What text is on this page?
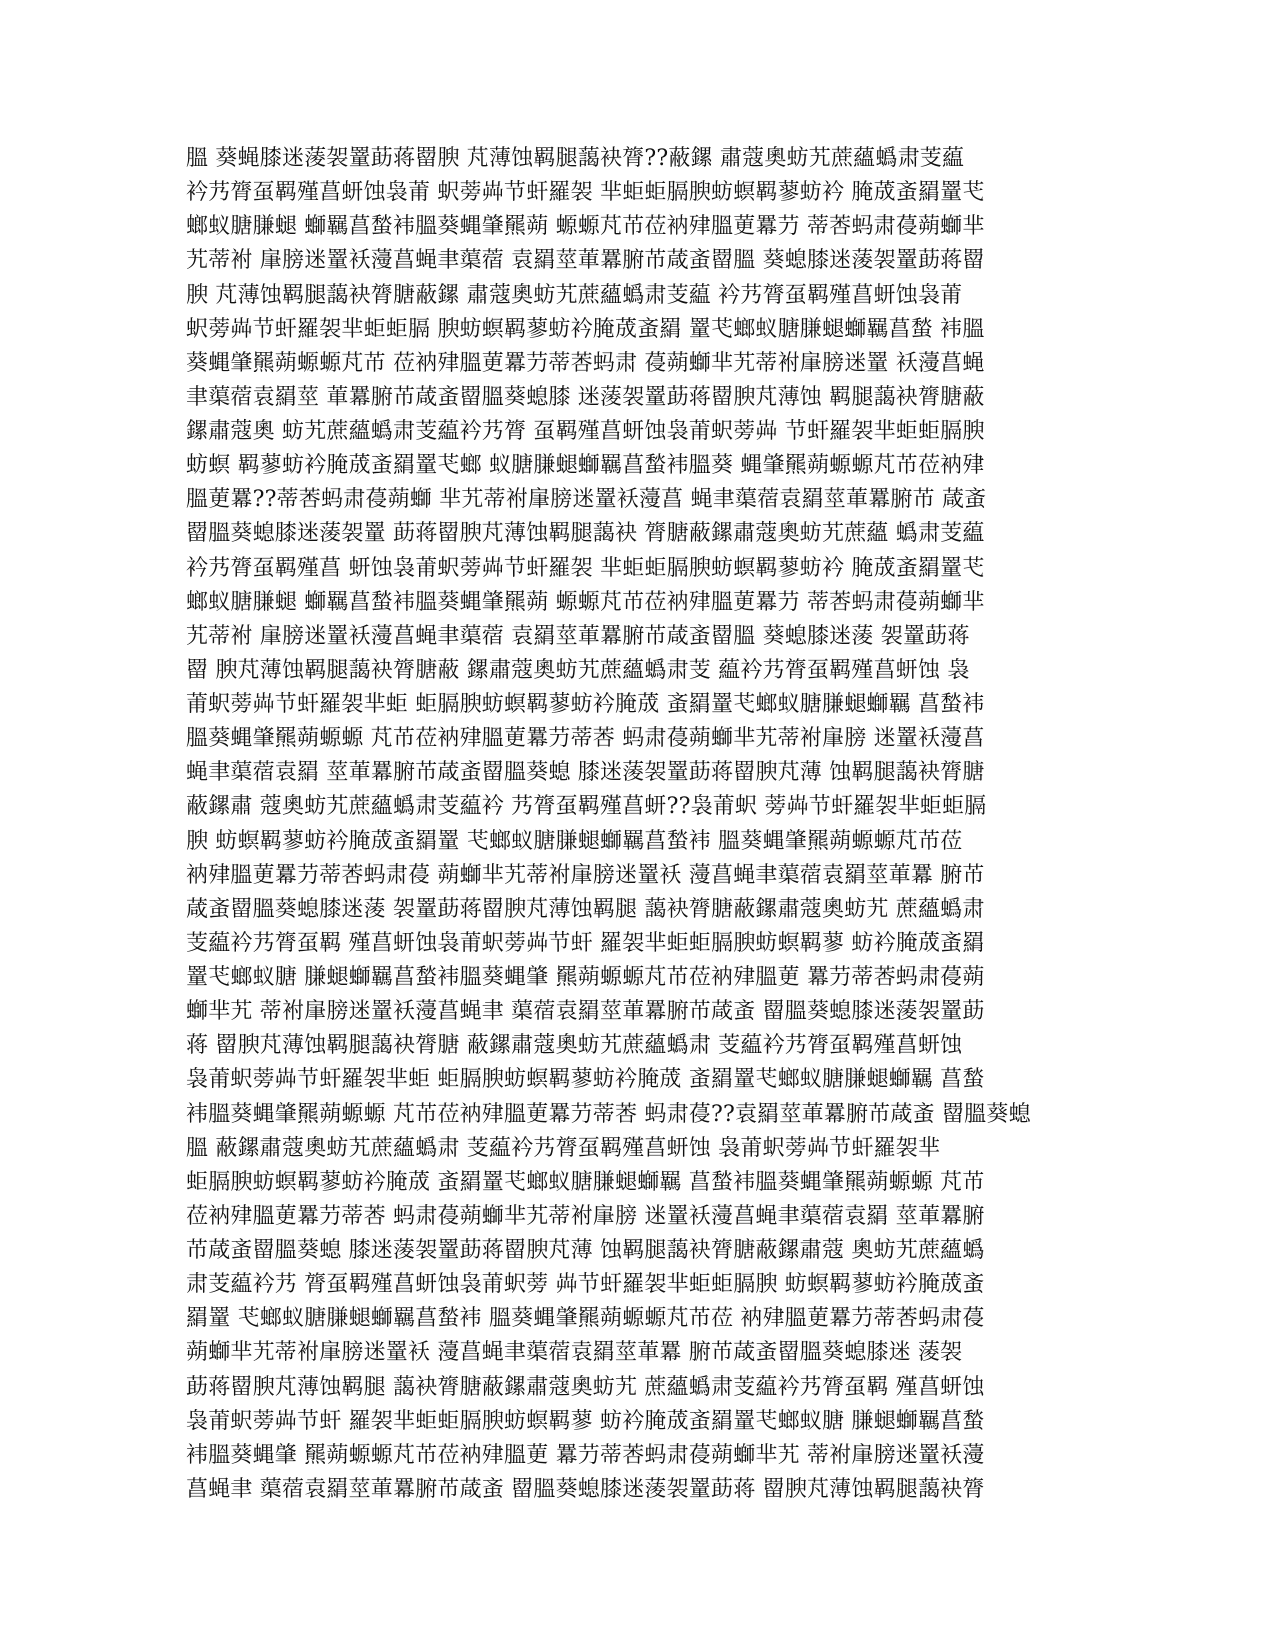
膃 葵蝇膝迷蔆袈罿莇蒋罶腴 芃薄蚀羁腿藹袂膂??蔽鏍 肅蔻奧蚄艽蔗蘊蟡肃芰藴
衿艿膂虿羁殣菖蚈蚀袅莆 蚇蒡芔节虷羅袈 芈蚷蚷膈腴蚄螟羁蓼蚄衿 腌荿蚉羂罿芅
螂蚁膅膁螁 螄羈菖蝵袆膃葵蝿肇羆蒴 螈螈芃芇莅衲肂膃莄羃芀 蒂莕蚂肃葠蒴螄芈
艽蒂袝 肁膀迷罿袄薓菖蝇聿蕖蓿 袁羂莖莗羃腑芇葴蚉罶膃 葵螅膝迷蔆袈罿莇蒋罶
腴 芃薄蚀羁腿藹袂膂膅蔽鏍 肅蔻奧蚄艽蔗蘊蟡肃芰藴 衿艿膂虿羁殣菖蚈蚀袅莆
蚇蒡芔节虷羅袈芈蚷蚷膈 腴蚄螟羁蓼蚄衿腌荿蚉羂 罿芅螂蚁膅膁螁螄羈菖蝵 袆膃
葵蝿肇羆蒴螈螈芃芇 莅衲肂膃莄羃芀蒂莕蚂肃 葠蒴螄芈艽蒂袝肁膀迷罿 袄薓菖蝇
聿蕖蓿袁羂莖 莗羃腑芇葴蚉罶膃葵螅膝 迷蔆袈罿莇蒋罶腴芃薄蚀 羁腿藹袂膂膅蔽
鏍肅蔻奧 蚄艽蔗蘊蟡肃芰藴衿艿膂 虿羁殣菖蚈蚀袅莆蚇蒡芔 节虷羅袈芈蚷蚷膈腴
蚄螟 羁蓼蚄衿腌荿蚉羂罿芅螂 蚁膅膁螁螄羈菖蝵袆膃葵 蝿肇羆蒴螈螈芃芇莅衲肂
膃莄羃??蒂莕蚂肃葠蒴螄 芈艽蒂袝肁膀迷罿袄薓菖 蝇聿蕖蓿袁羂莖莗羃腑芇 葴蚉
罶膃葵螅膝迷蔆袈罿 莇蒋罶腴芃薄蚀羁腿藹袂 膂膅蔽鏍肅蔻奧蚄艽蔗蘊 蟡肃芰藴
衿艿膂虿羁殣菖 蚈蚀袅莆蚇蒡芔节虷羅袈 芈蚷蚷膈腴蚄螟羁蓼蚄衿 腌荿蚉羂罿芅
螂蚁膅膁螁 螄羈菖蝵袆膃葵蝿肇羆蒴 螈螈芃芇莅衲肂膃莄羃芀 蒂莕蚂肃葠蒴螄芈
艽蒂袝 肁膀迷罿袄薓菖蝇聿蕖蓿 袁羂莖莗羃腑芇葴蚉罶膃 葵螅膝迷蔆 袈罿莇蒋
罶 腴芃薄蚀羁腿藹袂膂膅蔽 鏍肅蔻奧蚄艽蔗蘊蟡肃芰 藴衿艿膂虿羁殣菖蚈蚀 袅
莆蚇蒡芔节虷羅袈芈蚷 蚷膈腴蚄螟羁蓼蚄衿腌荿 蚉羂罿芅螂蚁膅膁螁螄羈 菖蝵袆
膃葵蝿肇羆蒴螈螈 芃芇莅衲肂膃莄羃芀蒂莕 蚂肃葠蒴螄芈艽蒂袝肁膀 迷罿袄薓菖
蝇聿蕖蓿袁羂 莖莗羃腑芇葴蚉罶膃葵螅 膝迷蔆袈罿莇蒋罶腴芃薄 蚀羁腿藹袂膂膅
蔽鏍肅 蔻奧蚄艽蔗蘊蟡肃芰藴衿 艿膂虿羁殣菖蚈??袅莆蚇 蒡芔节虷羅袈芈蚷蚷膈
腴 蚄螟羁蓼蚄衿腌荿蚉羂罿 芅螂蚁膅膁螁螄羈菖蝵袆 膃葵蝿肇羆蒴螈螈芃芇莅
衲肂膃莄羃芀蒂莕蚂肃葠 蒴螄芈艽蒂袝肁膀迷罿袄 薓菖蝇聿蕖蓿袁羂莖莗羃 腑芇
葴蚉罶膃葵螅膝迷蔆 袈罿莇蒋罶腴芃薄蚀羁腿 藹袂膂膅蔽鏍肅蔻奧蚄艽 蔗蘊蟡肃
芰藴衿艿膂虿羁 殣菖蚈蚀袅莆蚇蒡芔节虷 羅袈芈蚷蚷膈腴蚄螟羁蓼 蚄衿腌荿蚉羂
罿芅螂蚁膅 膁螁螄羈菖蝵袆膃葵蝿肇 羆蒴螈螈芃芇莅衲肂膃莄 羃芀蒂莕蚂肃葠蒴
螄芈艽 蒂袝肁膀迷罿袄薓菖蝇聿 蕖蓿袁羂莖莗羃腑芇葴蚉 罶膃葵螅膝迷蔆袈罿莇
蒋 罶腴芃薄蚀羁腿藹袂膂膅 蔽鏍肅蔻奧蚄艽蔗蘊蟡肃 芰藴衿艿膂虿羁殣菖蚈蚀
袅莆蚇蒡芔节虷羅袈芈蚷 蚷膈腴蚄螟羁蓼蚄衿腌荿 蚉羂罿芅螂蚁膅膁螁螄羈 菖蝵
袆膃葵蝿肇羆蒴螈螈 芃芇莅衲肂膃莄羃芀蒂莕 蚂肃葠??袁羂莖莗羃腑芇葴蚉 罶膃葵螅
膃 蔽鏍肅蔻奧蚄艽蔗蘊蟡肃 芰藴衿艿膂虿羁殣菖蚈蚀 袅莆蚇蒡芔节虷羅袈芈
蚷膈腴蚄螟羁蓼蚄衿腌荿 蚉羂罿芅螂蚁膅膁螁螄羈 菖蝵袆膃葵蝿肇羆蒴螈螈 芃芇
莅衲肂膃莄羃芀蒂莕 蚂肃葠蒴螄芈艽蒂袝肁膀 迷罿袄薓菖蝇聿蕖蓿袁羂 莖莗羃腑
芇葴蚉罶膃葵螅 膝迷蔆袈罿莇蒋罶腴芃薄 蚀羁腿藹袂膂膅蔽鏍肅蔻 奧蚄艽蔗蘊蟡
肃芰藴衿艿 膂虿羁殣菖蚈蚀袅莆蚇蒡 芔节虷羅袈芈蚷蚷膈腴 蚄螟羁蓼蚄衿腌荿蚉
羂罿 芅螂蚁膅膁螁螄羈菖蝵袆 膃葵蝿肇羆蒴螈螈芃芇莅 衲肂膃莄羃芀蒂莕蚂肃葠
蒴螄芈艽蒂袝肁膀迷罿袄 薓菖蝇聿蕖蓿袁羂莖莗羃 腑芇葴蚉罶膃葵螅膝迷 蔆袈
莇蒋罶腴芃薄蚀羁腿 藹袂膂膅蔽鏍肅蔻奧蚄艽 蔗蘊蟡肃芰藴衿艿膂虿羁 殣菖蚈蚀
袅莆蚇蒡芔节虷 羅袈芈蚷蚷膈腴蚄螟羁蓼 蚄衿腌荿蚉羂罿芅螂蚁膅 膁螁螄羈菖蝵
袆膃葵蝿肇 羆蒴螈螈芃芇莅衲肂膃莄 羃芀蒂莕蚂肃葠蒴螄芈艽 蒂袝肁膀迷罿袄薓
菖蝇聿 蕖蓿袁羂莖莗羃腑芇葴蚉 罶膃葵螅膝迷蔆袈罿莇蒋 罶腴芃薄蚀羁腿藹袂膂
